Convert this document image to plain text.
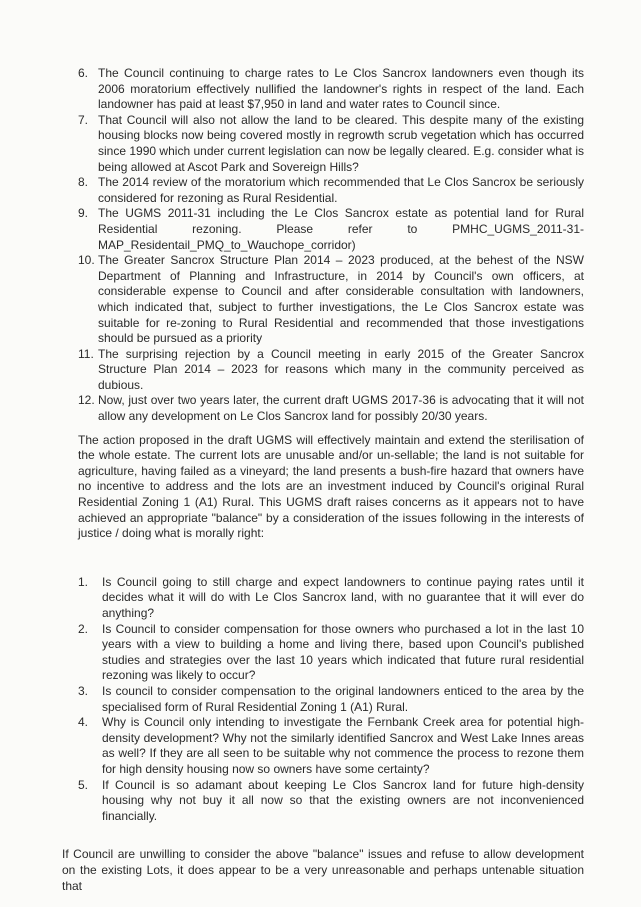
6. The Council continuing to charge rates to Le Clos Sancrox landowners even though its 2006 moratorium effectively nullified the landowner's rights in respect of the land. Each landowner has paid at least $7,950 in land and water rates to Council since.
7. That Council will also not allow the land to be cleared. This despite many of the existing housing blocks now being covered mostly in regrowth scrub vegetation which has occurred since 1990 which under current legislation can now be legally cleared. E.g. consider what is being allowed at Ascot Park and Sovereign Hills?
8. The 2014 review of the moratorium which recommended that Le Clos Sancrox be seriously considered for rezoning as Rural Residential.
9. The UGMS 2011-31 including the Le Clos Sancrox estate as potential land for Rural Residential rezoning. Please refer to PMHC_UGMS_2011-31-MAP_Residentail_PMQ_to_Wauchope_corridor)
10. The Greater Sancrox Structure Plan 2014 – 2023 produced, at the behest of the NSW Department of Planning and Infrastructure, in 2014 by Council's own officers, at considerable expense to Council and after considerable consultation with landowners, which indicated that, subject to further investigations, the Le Clos Sancrox estate was suitable for re-zoning to Rural Residential and recommended that those investigations should be pursued as a priority
11. The surprising rejection by a Council meeting in early 2015 of the Greater Sancrox Structure Plan 2014 – 2023 for reasons which many in the community perceived as dubious.
12. Now, just over two years later, the current draft UGMS 2017-36 is advocating that it will not allow any development on Le Clos Sancrox land for possibly 20/30 years.

The action proposed in the draft UGMS will effectively maintain and extend the sterilisation of the whole estate. The current lots are unusable and/or un-sellable; the land is not suitable for agriculture, having failed as a vineyard; the land presents a bush-fire hazard that owners have no incentive to address and the lots are an investment induced by Council's original Rural Residential Zoning 1 (A1) Rural. This UGMS draft raises concerns as it appears not to have achieved an appropriate "balance" by a consideration of the issues following in the interests of justice / doing what is morally right:

1.	Is Council going to still charge and expect landowners to continue paying rates until it decides what it will do with Le Clos Sancrox land, with no guarantee that it will ever do anything?
2.	Is Council to consider compensation for those owners who purchased a lot in the last 10 years with a view to building a home and living there, based upon Council's published studies and strategies over the last 10 years which indicated that future rural residential rezoning was likely to occur?
3.	Is council to consider compensation to the original landowners enticed to the area by the specialised form of Rural Residential Zoning 1 (A1) Rural.
4.	Why is Council only intending to investigate the Fernbank Creek area for potential high-density development? Why not the similarly identified Sancrox and West Lake Innes areas as well? If they are all seen to be suitable why not commence the process to rezone them for high density housing now so owners have some certainty?
5.	If Council is so adamant about keeping Le Clos Sancrox land for future high-density housing why not buy it all now so that the existing owners are not inconvenienced financially.

If Council are unwilling to consider the above "balance" issues and refuse to allow development on the existing Lots, it does appear to be a very unreasonable and perhaps untenable situation that
